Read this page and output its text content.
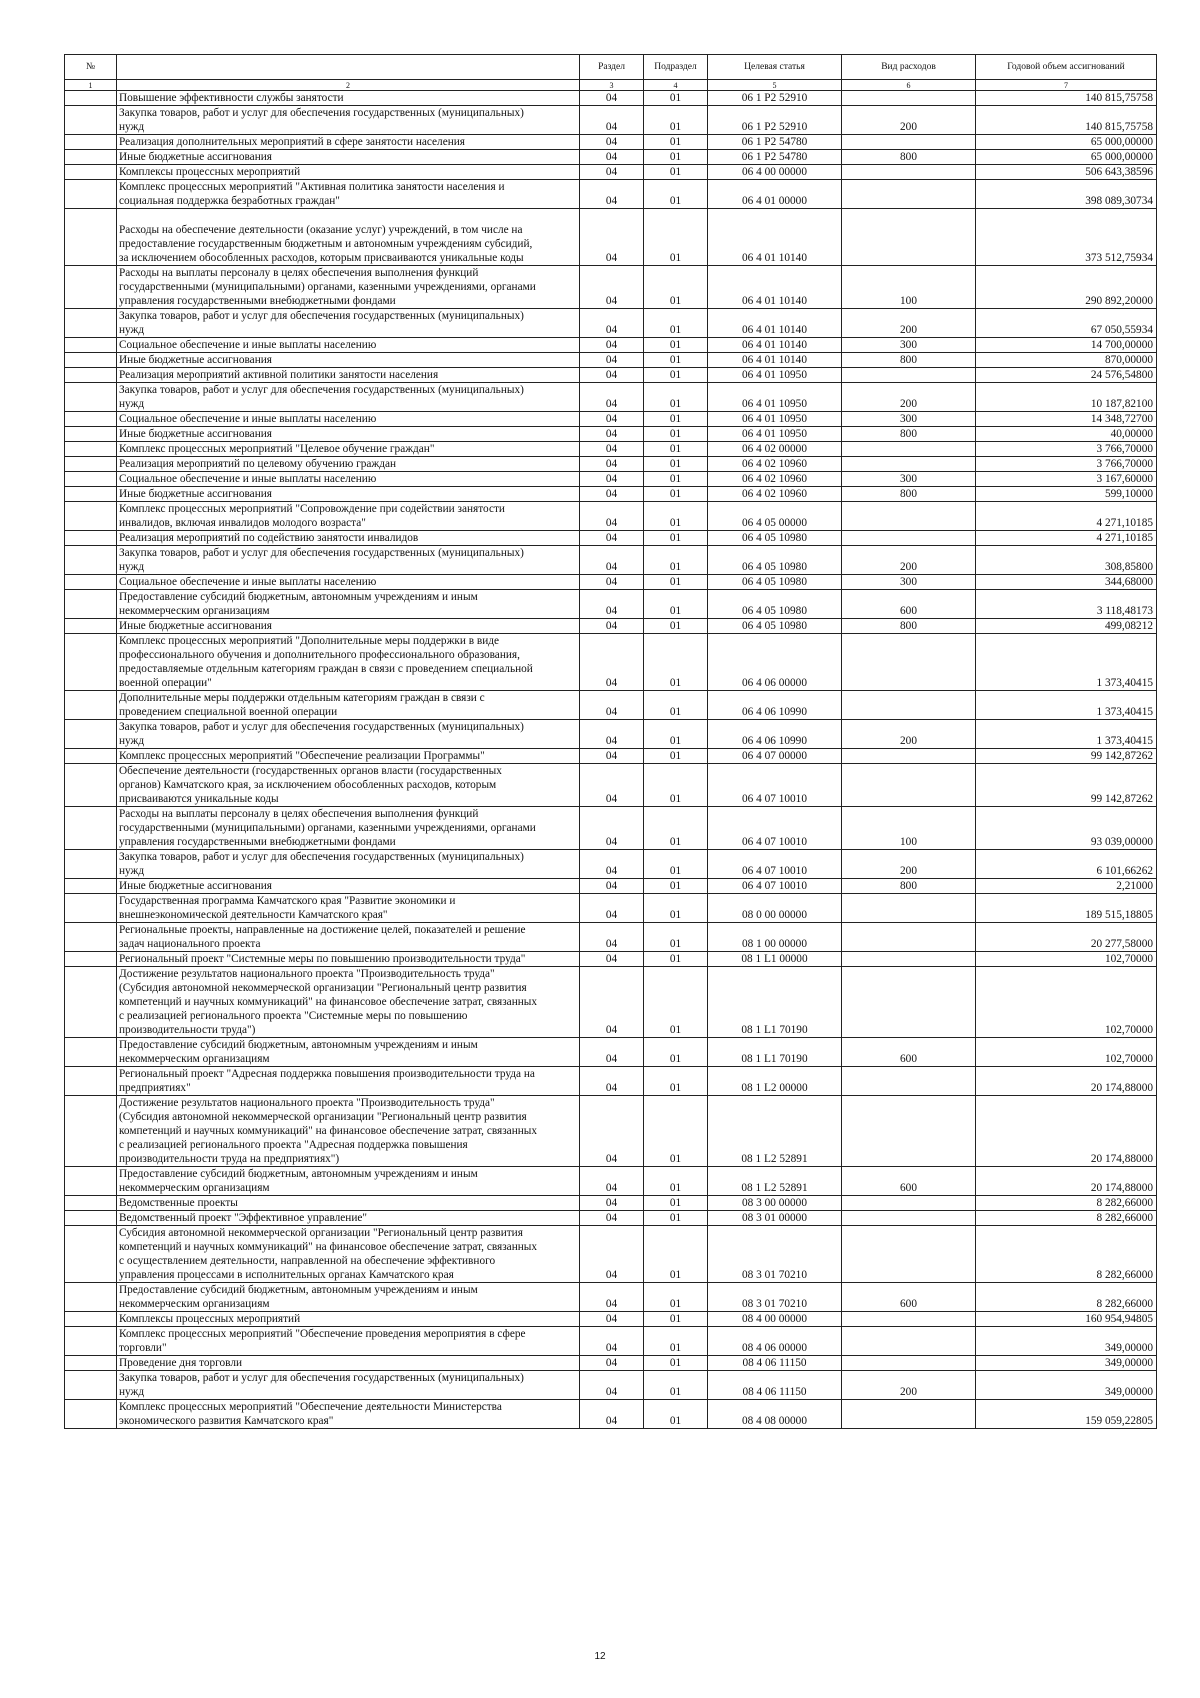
№		Раздел	Подраздел	Целевая статья	Вид расходов	Годовой объем ассигнований
1	2	3	4	5	6	7
	Повышение эффективности службы занятости	04	01	06 1 P2 52910		140 815,75758
	Закупка товаров, работ и услуг для обеспечения государственных (муниципальных)
нужд	04	01	06 1 P2 52910	200	140 815,75758
	Реализация дополнительных мероприятий в сфере занятости населения	04	01	06 1 P2 54780		65 000,00000
	Иные бюджетные ассигнования	04	01	06 1 P2 54780	800	65 000,00000
	Комплексы процессных мероприятий	04	01	06 4 00 00000		506 643,38596
	Комплекс процессных мероприятий "Активная политика занятости населения и
социальная поддержка безработных граждан"	04	01	06 4 01 00000		398 089,30734

Расходы на обеспечение деятельности (оказание услуг) учреждений, в том числе на
предоставление государственным бюджетным и автономным учреждениям субсидий,
за исключением обособленных расходов, которым присваиваются уникальные коды	04	01	06 4 01 10140		373 512,75934
	Расходы на выплаты персоналу в целях обеспечения выполнения функций
государственными (муниципальными) органами, казенными учреждениями, органами
управления государственными внебюджетными фондами	04	01	06 4 01 10140	100	290 892,20000
	Закупка товаров, работ и услуг для обеспечения государственных (муниципальных)
нужд	04	01	06 4 01 10140	200	67 050,55934
	Социальное обеспечение и иные выплаты населению	04	01	06 4 01 10140	300	14 700,00000
	Иные бюджетные ассигнования	04	01	06 4 01 10140	800	870,00000
	Реализация мероприятий активной политики занятости населения	04	01	06 4 01 10950		24 576,54800
	Закупка товаров, работ и услуг для обеспечения государственных (муниципальных)
нужд	04	01	06 4 01 10950	200	10 187,82100
	Социальное обеспечение и иные выплаты населению	04	01	06 4 01 10950	300	14 348,72700
	Иные бюджетные ассигнования	04	01	06 4 01 10950	800	40,00000
	Комплекс процессных мероприятий "Целевое обучение граждан"	04	01	06 4 02 00000		3 766,70000
	Реализация мероприятий по целевому обучению граждан	04	01	06 4 02 10960		3 766,70000
	Социальное обеспечение и иные выплаты населению	04	01	06 4 02 10960	300	3 167,60000
	Иные бюджетные ассигнования	04	01	06 4 02 10960	800	599,10000
	Комплекс процессных мероприятий "Сопровождение при содействии занятости
инвалидов, включая инвалидов молодого возраста"	04	01	06 4 05 00000		4 271,10185
	Реализация мероприятий по содействию занятости инвалидов	04	01	06 4 05 10980		4 271,10185
	Закупка товаров, работ и услуг для обеспечения государственных (муниципальных)
нужд	04	01	06 4 05 10980	200	308,85800
	Социальное обеспечение и иные выплаты населению	04	01	06 4 05 10980	300	344,68000
	Предоставление субсидий бюджетным, автономным учреждениям и иным
некоммерческим организациям	04	01	06 4 05 10980	600	3 118,48173
	Иные бюджетные ассигнования	04	01	06 4 05 10980	800	499,08212
	Комплекс процессных мероприятий "Дополнительные меры поддержки в виде
профессионального обучения и дополнительного профессионального образования,
предоставляемые отдельным категориям граждан в связи с проведением специальной
военной операции"	04	01	06 4 06 00000		1 373,40415
	Дополнительные меры поддержки отдельным категориям граждан в связи с
проведением специальной военной операции	04	01	06 4 06 10990		1 373,40415
	Закупка товаров, работ и услуг для обеспечения государственных (муниципальных)
нужд	04	01	06 4 06 10990	200	1 373,40415
	Комплекс процессных мероприятий "Обеспечение реализации Программы"	04	01	06 4 07 00000		99 142,87262
	Обеспечение деятельности (государственных органов власти (государственных
органов) Камчатского края, за исключением обособленных расходов, которым
присваиваются уникальные коды	04	01	06 4 07 10010		99 142,87262
	Расходы на выплаты персоналу в целях обеспечения выполнения функций
государственными (муниципальными) органами, казенными учреждениями, органами
управления государственными внебюджетными фондами	04	01	06 4 07 10010	100	93 039,00000
	Закупка товаров, работ и услуг для обеспечения государственных (муниципальных)
нужд	04	01	06 4 07 10010	200	6 101,66262
	Иные бюджетные ассигнования	04	01	06 4 07 10010	800	2,21000
	Государственная программа Камчатского края "Развитие экономики и
внешнеэкономической деятельности Камчатского края"	04	01	08 0 00 00000		189 515,18805
	Региональные проекты, направленные на достижение целей, показателей и решение
задач национального проекта	04	01	08 1 00 00000		20 277,58000
	Региональный проект "Системные меры по повышению производительности труда"	04	01	08 1 L1 00000		102,70000
	Достижение результатов национального проекта "Производительность труда"
(Субсидия автономной некоммерческой организации "Региональный центр развития
компетенций и научных коммуникаций" на финансовое обеспечение затрат, связанных
с реализацией регионального проекта "Системные меры по повышению
производительности труда")	04	01	08 1 L1 70190		102,70000
	Предоставление субсидий бюджетным, автономным учреждениям и иным
некоммерческим организациям	04	01	08 1 L1 70190	600	102,70000
	Региональный проект "Адресная поддержка повышения производительности труда на
предприятиях"	04	01	08 1 L2 00000		20 174,88000
	Достижение результатов национального проекта "Производительность труда"
(Субсидия автономной некоммерческой организации "Региональный центр развития
компетенций и научных коммуникаций" на финансовое обеспечение затрат, связанных
с реализацией регионального проекта "Адресная поддержка повышения
производительности труда на предприятиях")	04	01	08 1 L2 52891		20 174,88000
	Предоставление субсидий бюджетным, автономным учреждениям и иным
некоммерческим организациям	04	01	08 1 L2 52891	600	20 174,88000
	Ведомственные проекты	04	01	08 3 00 00000		8 282,66000
	Ведомственный проект "Эффективное управление"	04	01	08 3 01 00000		8 282,66000
	Субсидия автономной некоммерческой организации "Региональный центр развития
компетенций и научных коммуникаций" на финансовое обеспечение затрат, связанных
с осуществлением деятельности, направленной на обеспечение эффективного
управления процессами в исполнительных органах Камчатского края	04	01	08 3 01 70210		8 282,66000
	Предоставление субсидий бюджетным, автономным учреждениям и иным
некоммерческим организациям	04	01	08 3 01 70210	600	8 282,66000
	Комплексы процессных мероприятий	04	01	08 4 00 00000		160 954,94805
	Комплекс процессных мероприятий "Обеспечение проведения мероприятия в сфере
торговли"	04	01	08 4 06 00000		349,00000
	Проведение дня торговли	04	01	08 4 06 11150		349,00000
	Закупка товаров, работ и услуг для обеспечения государственных (муниципальных)
нужд	04	01	08 4 06 11150	200	349,00000
	Комплекс процессных мероприятий "Обеспечение деятельности Министерства
экономического развития Камчатского края"	04	01	08 4 08 00000		159 059,22805
12
